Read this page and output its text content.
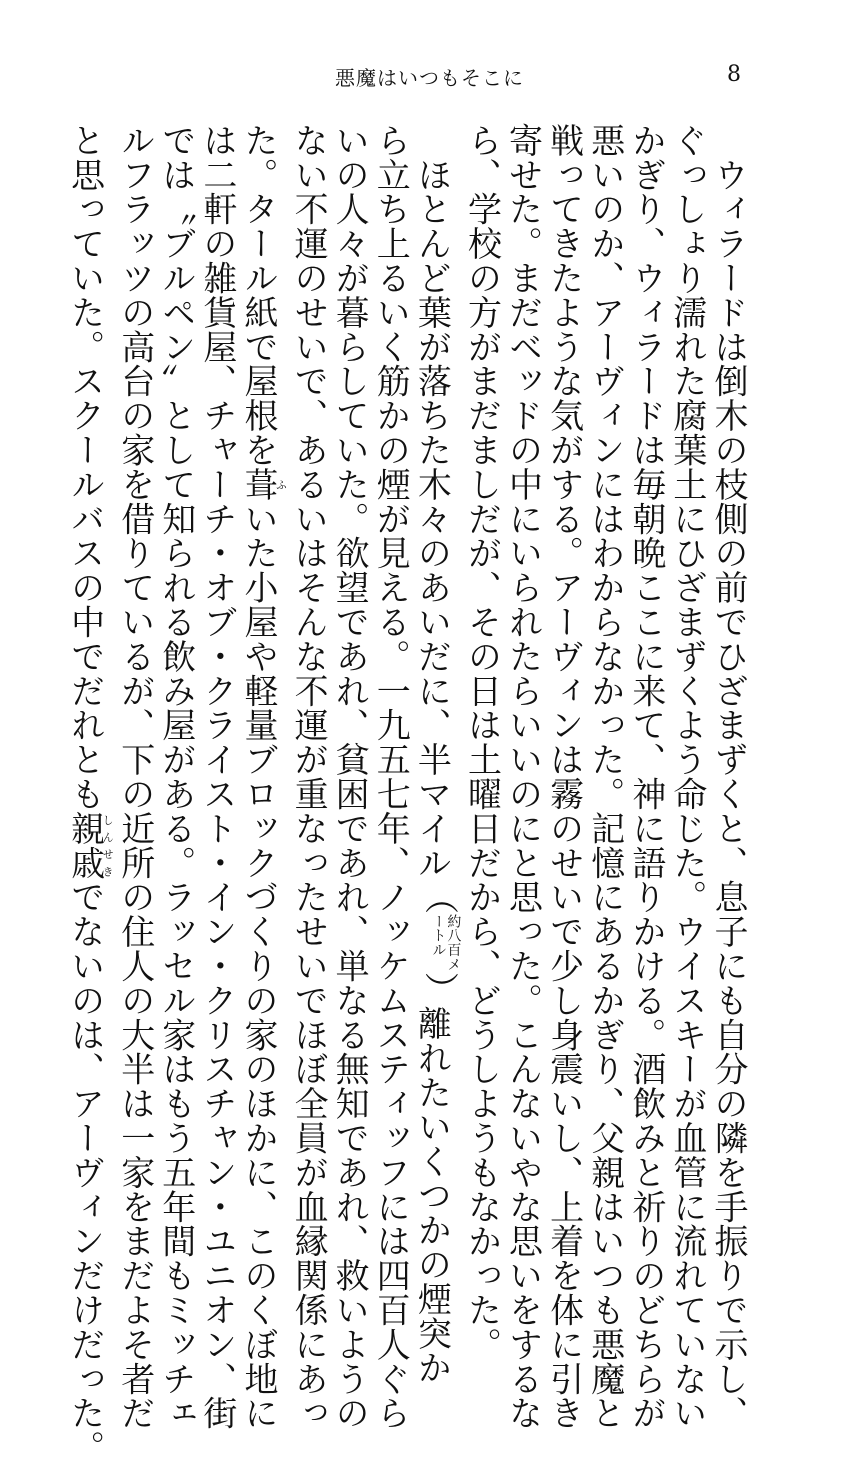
悪魔はいつもそこに	8
　ウィラードは倒木の枝側の前でひざまずくと、息子にも自分の隣を手振りで示し、
ぐっしょり濡れた腐葉土にひざまずくよう命じた。ウイスキーが血管に流れていない
かぎり、ウィラードは毎朝晩ここに来て、神に語りかける。酒飲みと祈りのどちらが
悪いのか、アーヴィンにはわからなかった。記憶にあるかぎり、父親はいつも悪魔と
戦ってきたような気がする。アーヴィンは霧のせいで少し身震いし、上着を体に引き
寄せた。まだベッドの中にいられたらいいのにと思った。こんないやな思いをするな
ら、学校の方がまだましだが、その日は土曜日だから、どうしようもなかった。
　ほとんど葉が落ちた木々のあいだに、半マイル（
約八百メ
ートル
）離れたいくつかの煙突か
ら立ち上るいく筋かの煙が見える。一九五七年、ノッケムスティッフには四百人ぐら
いの人々が暮らしていた。欲望であれ、貧困であれ、単なる無知であれ、救いようの
ない不運のせいで、あるいはそんな不運が重なったせいでほぼ全員が血縁関係にあっ
た。タール紙で屋根を葺ふいた小屋や軽量ブロックづくりの家のほかに、このくぼ地に
は二軒の雑貨屋、チャーチ・オブ・クライスト・イン・クリスチャン・ユニオン、街
では〝ブルペン〟として知られる飲み屋がある。ラッセル家はもう五年間もミッチェ
ルフラッツの高台の家を借りているが、下の近所の住人の大半は一家をまだよそ者だ
と思っていた。スクールバスの中でだれとも親戚しんせきでないのは、アーヴィンだけだった。
